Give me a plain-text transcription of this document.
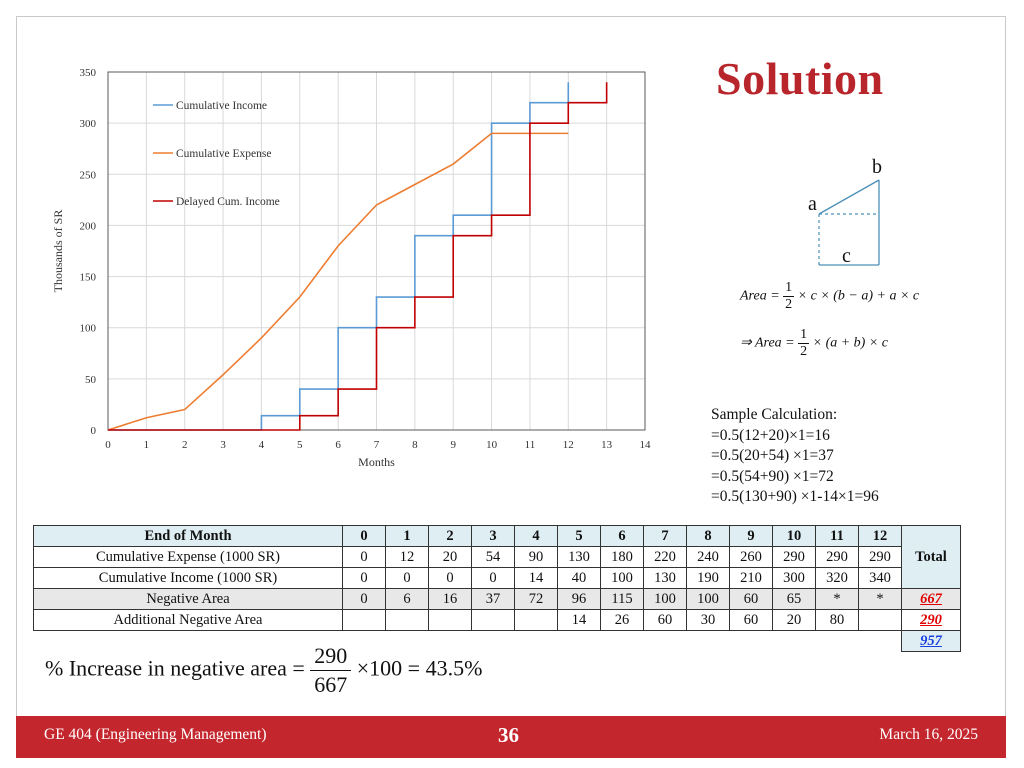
Solution
0	1	2	3	4	5	6	7	8	9	10	11	12 13 14
0
50
100
150
200
250
300
350
Months
Thousands of SR
Cumulative Income
Cumulative Expense
Delayed Cum. Income	a
b
c
Area = $\frac{1}{2} \times c \times (b - a) + a \times c$
⇒ Area = $\frac{1}{2} \times (a + b) \times c$
Sample Calculation:
=0.5(12+20)×1=16
=0.5(20+54) ×1=37
=0.5(54+90) ×1=72
=0.5(130+90) ×1-14×1=96
End of Month	0	1	2	3	4	5	6	7	8	9	10	11	12	Total
Cumulative Expense (1000 SR)	0	12	20	54	90	130	180	220	240	260	290	290	290	
Cumulative Income (1000 SR)	0	0	0	0	14	40	100	130	190	210	300	320	340	
Negative Area	0	6	16	37	72	96	115	100	100	60	65	*	*	667
Additional Negative Area						14	26	60	30	60	20	80		290
														957
% Increase in negative area = $\frac{290}{667} \times 100 = 43.5\%$
GE 404 (Engineering Management)	36	March 16, 2025
